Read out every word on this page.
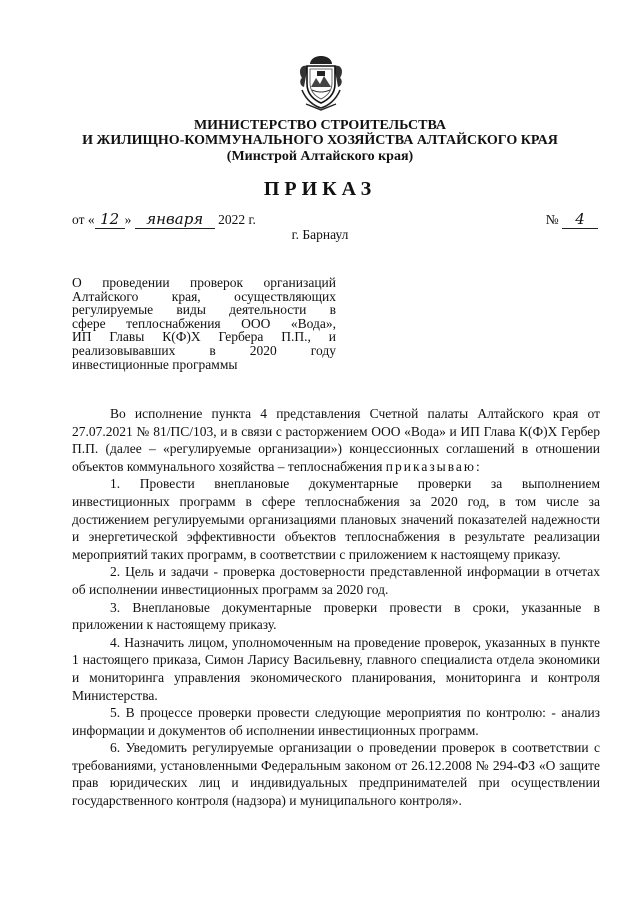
МИНИСТЕРСТВО СТРОИТЕЛЬСТВА
И ЖИЛИЩНО-КОММУНАЛЬНОГО ХОЗЯЙСТВА АЛТАЙСКОГО КРАЯ
(Минстрой Алтайского края)
ПРИКАЗ
от « 12 » января 2022 г.	№ 4
г. Барнаул
О проведении проверок организаций
Алтайского края, осуществляющих
регулируемые виды деятельности в
сфере теплоснабжения ООО «Вода»,
ИП Главы К(Ф)Х Гербера П.П., и
реализовывавших в 2020 году
инвестиционные программы

Во исполнение пункта 4 представления Счетной палаты Алтайского края от 27.07.2021 № 81/ПС/103, и в связи с расторжением ООО «Вода» и ИП Глава К(Ф)Х Гербер П.П. (далее – «регулируемые организации») концессионных соглашений в отношении объектов коммунального хозяйства – теплоснабжения приказываю:

1. Провести внеплановые документарные проверки за выполнением инвестиционных программ в сфере теплоснабжения за 2020 год, в том числе за достижением регулируемыми организациями плановых значений показателей надежности и энергетической эффективности объектов теплоснабжения в результате реализации мероприятий таких программ, в соответствии с приложением к настоящему приказу.

2. Цель и задачи - проверка достоверности представленной информации в отчетах об исполнении инвестиционных программ за 2020 год.

3. Внеплановые документарные проверки провести в сроки, указанные в приложении к настоящему приказу.

4. Назначить лицом, уполномоченным на проведение проверок, указанных в пункте 1 настоящего приказа, Симон Ларису Васильевну, главного специалиста отдела экономики и мониторинга управления экономического планирования, мониторинга и контроля Министерства.

5. В процессе проверки провести следующие мероприятия по контролю: - анализ информации и документов об исполнении инвестиционных программ.

6. Уведомить регулируемые организации о проведении проверок в соответствии с требованиями, установленными Федеральным законом от 26.12.2008 № 294-ФЗ «О защите прав юридических лиц и индивидуальных предпринимателей при осуществлении государственного контроля (надзора) и муниципального контроля».
